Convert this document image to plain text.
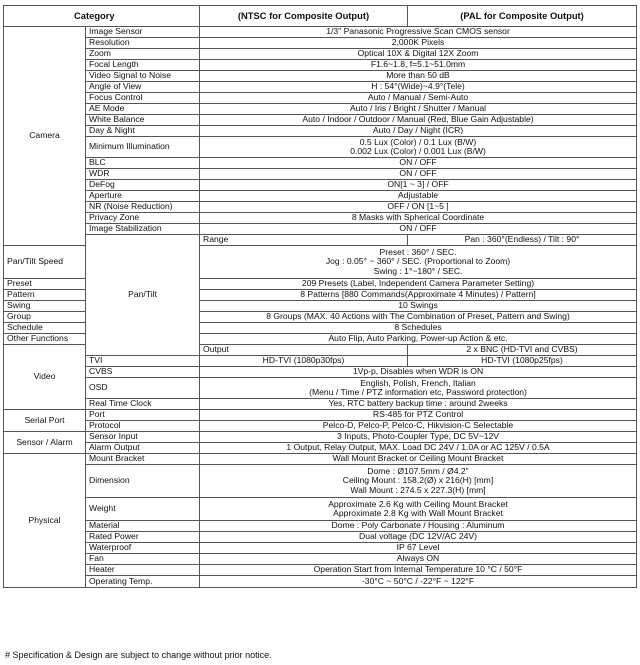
Category		(NTSC for Composite Output)	(PAL for Composite Output)
Camera	Image Sensor	1/3" Panasonic Progressive Scan CMOS sensor	
	Resolution	2,000K Pixels	
	Zoom	Optical 10X & Digital 12X Zoom	
	Focal Length	F1.6~1.8, f=5.1~51.0mm	
	Video Signal to Noise	More than 50 dB	
	Angle of View	H : 54°(Wide)~4.9°(Tele)	
	Focus Control	Auto / Manual / Semi-Auto	
	AE Mode	Auto / Iris / Bright / Shutter / Manual	
	White Balance	Auto / Indoor / Outdoor / Manual (Red, Blue Gain Adjustable)	
	Day & Night	Auto / Day / Night (ICR)	
	Minimum Illumination	0.5 Lux (Color) / 0.1 Lux (B/W)
0.002 Lux (Color) / 0.001 Lux (B/W)	

	BLC	ON / OFF	
	WDR	ON / OFF	
	DeFog	ON[1 ~ 3] / OFF	
	Aperture	Adjustable	
	NR (Noise Reduction)	OFF / ON [1~5 ]	
	Privacy Zone	8 Masks with Spherical Coordinate	
	Image Stabilization	ON / OFF	
	Pan/Tilt	Range	Pan : 360°(Endless) / Tilt : 90°
Pan/Tilt Speed		Preset : 360° / SEC.
Jog : 0.05° ~ 360° / SEC. (Proportional to Zoom)
Swing : 1°~180° / SEC.	

Preset		209 Presets (Label, Independent Camera Parameter Setting)	
Pattern		8 Patterns [880 Commands(Approximate 4 Minutes) / Pattern]	
Swing		10 Swings	
Group		8 Groups (MAX. 40 Actions with The Combination of Preset, Pattern and Swing)	
Schedule		8 Schedules	
Other Functions		Auto Flip, Auto Parking, Power-up Action & etc.	
Video		Output	2 x BNC (HD-TVI and CVBS)
	TVI	HD-TVI (1080p30fps)	HD-TVI (1080p25fps)
	CVBS	1Vp-p, Disables when WDR is ON	
	OSD	English, Polish, French, Italian
(Menu / Time / PTZ information etc, Password protection)	

	Real Time Clock	Yes, RTC battery backup time : around 2weeks	
Serial Port	Port	RS-485 for PTZ Control	
	Protocol	Pelco-D, Pelco-P, Pelco-C, Hikvision-C Selectable	
Sensor / Alarm	Sensor Input	3 Inputs, Photo-Coupler Type, DC 5V~12V	
	Alarm Output	1 Output, Relay Output, MAX. Load DC 24V / 1.0A or AC 125V / 0.5A	
Physical	Mount Bracket	Wall Mount Bracket or Ceiling Mount Bracket	
	Dimension	Dome : Ø107.5mm / Ø4.2"
Ceiling Mount : 158.2(Ø) x 216(H) [mm]
Wall Mount : 274.5 x 227.3(H) [mm]	

	Weight	Approximate 2.6 Kg with Ceiling Mount Bracket
Approximate 2.8 Kg with Wall Mount Bracket	

	Material	Dome : Poly Carbonate / Housing : Aluminum	
	Rated Power	Dual voltage (DC 12V/AC 24V)	
	Waterproof	IP 67 Level	
	Fan	Always ON	
	Heater	Operation Start from Internal Temperature 10 °C / 50°F	
	Operating Temp.	-30°C ~ 50°C / -22°F ~ 122°F	
# Specification & Design are subject to change without prior notice.
